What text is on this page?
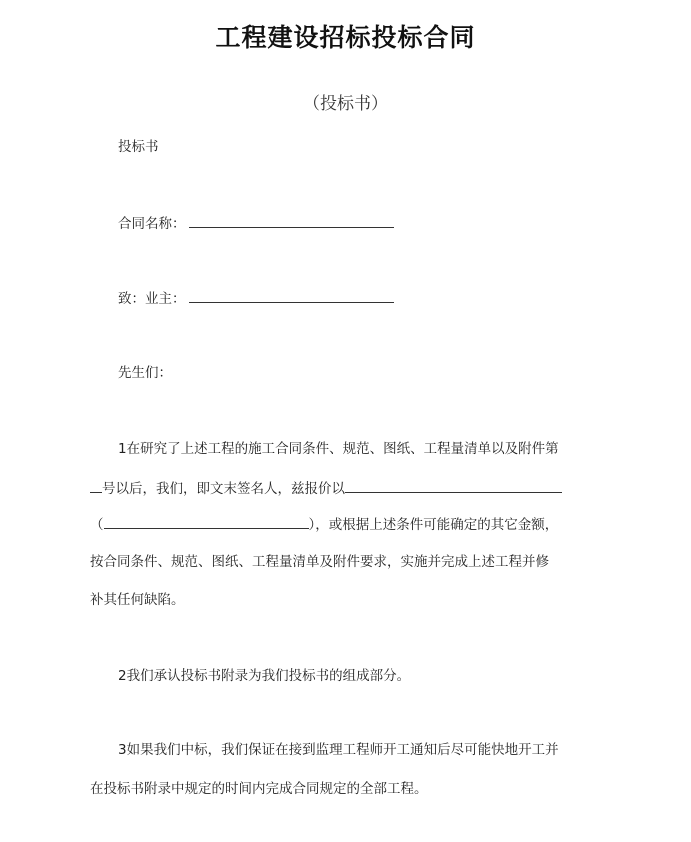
工程建设招标投标合同
（投标书）
投标书
合同名称：
致：业主：
先生们：
1在研究了上述工程的施工合同条件、规范、图纸、工程量清单以及附件第
号以后，我们，即文末签名人，兹报价以
（	），或根据上述条件可能确定的其它金额，
按合同条件、规范、图纸、工程量清单及附件要求，实施并完成上述工程并修
补其任何缺陷。
2我们承认投标书附录为我们投标书的组成部分。
3如果我们中标，我们保证在接到监理工程师开工通知后尽可能快地开工并
在投标书附录中规定的时间内完成合同规定的全部工程。
